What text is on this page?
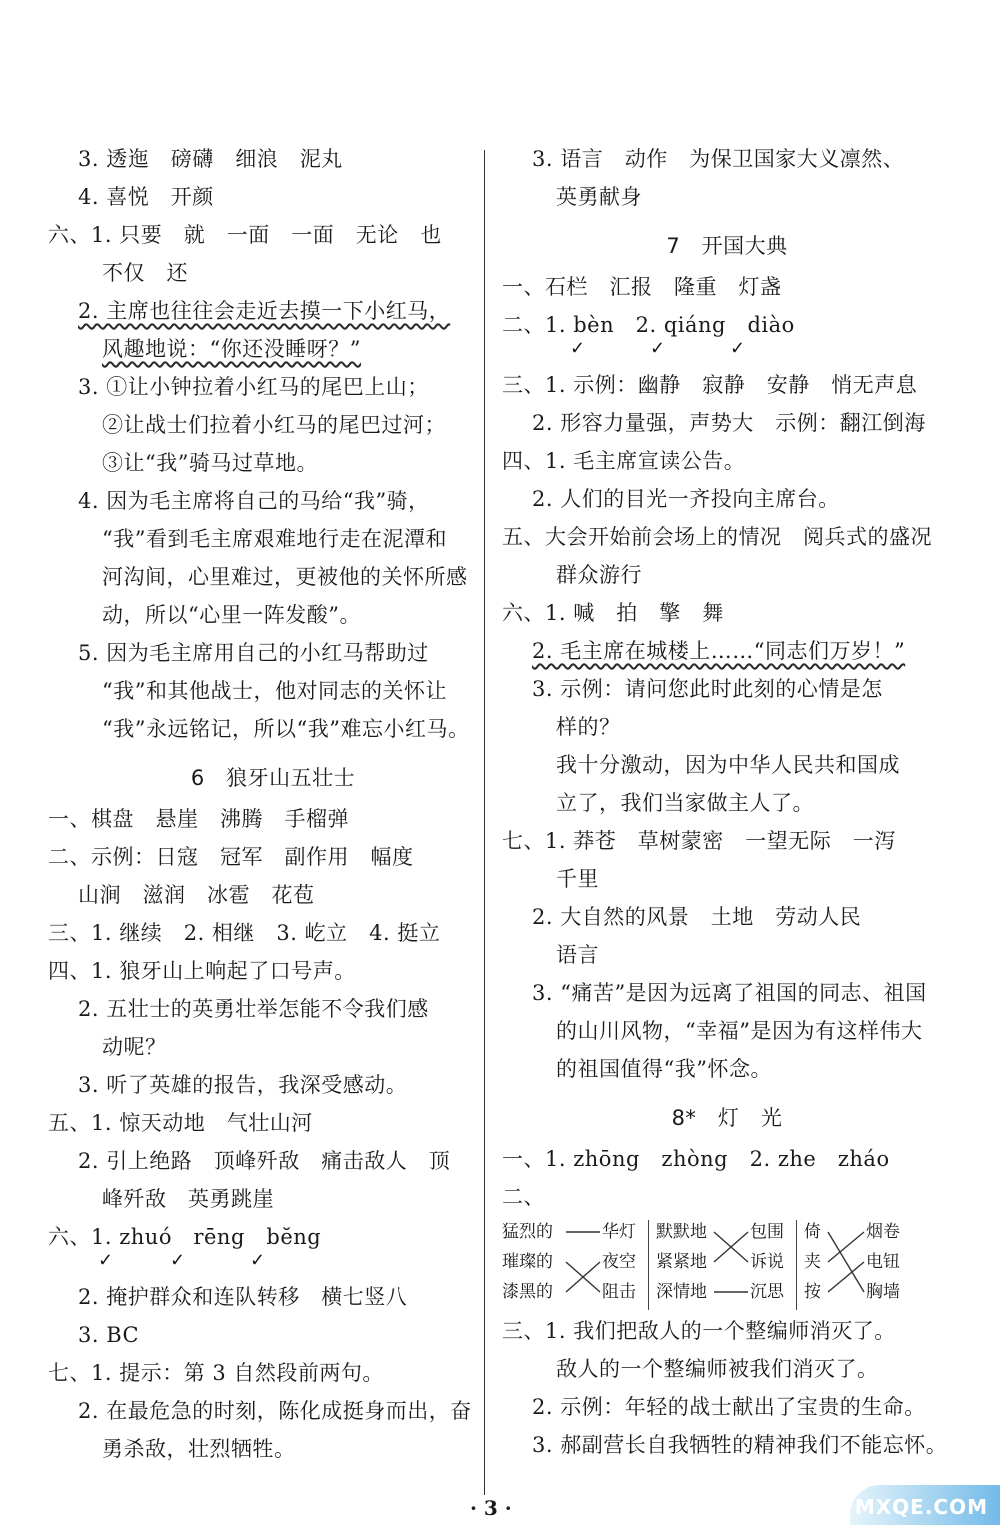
3. 透迤　磅礴　细浪　泥丸
4. 喜悦　开颜
六、1. 只要　就　一面　一面　无论　也
不仅　还
2. 主席也往往会走近去摸一下小红马，
风趣地说：“你还没睡呀？”
3. ①让小钟拉着小红马的尾巴上山；
②让战士们拉着小红马的尾巴过河；
③让“我”骑马过草地。
4. 因为毛主席将自己的马给“我”骑，
“我”看到毛主席艰难地行走在泥潭和
河沟间，心里难过，更被他的关怀所感
动，所以“心里一阵发酸”。
5. 因为毛主席用自己的小红马帮助过
“我”和其他战士，他对同志的关怀让
“我”永远铭记，所以“我”难忘小红马。
6　狼牙山五壮士
一、棋盘　悬崖　沸腾　手榴弹
二、示例：日寇　冠军　副作用　幅度
山涧　滋润　冰雹　花苞
三、1. 继续　2. 相继　3. 屹立　4. 挺立
四、1. 狼牙山上响起了口号声。
2. 五壮士的英勇壮举怎能不令我们感
动呢？
3. 听了英雄的报告，我深受感动。
五、1. 惊天动地　气壮山河
2. 引上绝路　顶峰歼敌　痛击敌人　顶
峰歼敌　英勇跳崖
六、1. zhuó　rēng　bĕng
✓	✓	✓
2. 掩护群众和连队转移　横七竖八
3. BC
七、1. 提示：第 3 自然段前两句。
2. 在最危急的时刻，陈化成挺身而出，奋
勇杀敌，壮烈牺牲。
3. 语言　动作　为保卫国家大义凛然、
英勇献身
7　开国大典
一、石栏　汇报　隆重　灯盏
二、1. bèn　2. qiáng　diào
✓	✓	✓
三、1. 示例：幽静　寂静　安静　悄无声息
2. 形容力量强，声势大　示例：翻江倒海
四、1. 毛主席宣读公告。
2. 人们的目光一齐投向主席台。
五、大会开始前会场上的情况　阅兵式的盛况
群众游行
六、1. 喊　拍　擎　舞
2. 毛主席在城楼上……“同志们万岁！”
3. 示例：请问您此时此刻的心情是怎
样的？
我十分激动，因为中华人民共和国成
立了，我们当家做主人了。
七、1. 莽苍　草树蒙密　一望无际　一泻
千里
2. 大自然的风景　土地　劳动人民
语言
3. “痛苦”是因为远离了祖国的同志、祖国
的山川风物，“幸福”是因为有这样伟大
的祖国值得“我”怀念。
8*　灯　光
一、1. zhōng　zhòng　2. zhe　zháo
二、
猛烈的	华灯
璀璨的	夜空
漆黑的	阻击
默默地	包围
紧紧地	诉说
深情地	沉思
倚	烟卷
夹	电钮
按	胸墙
三、1. 我们把敌人的一个整编师消灭了。
敌人的一个整编师被我们消灭了。
2. 示例：年轻的战士献出了宝贵的生命。
3. 郝副营长自我牺牲的精神我们不能忘怀。
· 3 ·	MXQE.COM
